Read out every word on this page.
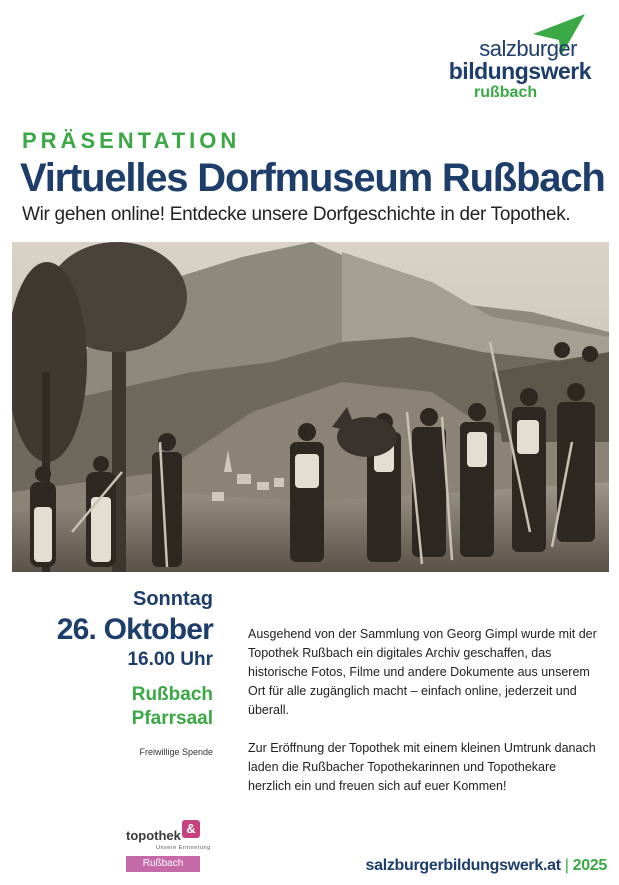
salzburger
bildungswerk
rußbach
PRÄSENTATION
Virtuelles Dorfmuseum Rußbach
Wir gehen online! Entdecke unsere Dorfgeschichte in der Topothek.
Sonntag
26. Oktober
16.00 Uhr
Rußbach
Pfarrsaal
Freiwillige Spende

Ausgehend von der Sammlung von Georg Gimpl wurde mit der Topothek Rußbach ein digitales Archiv geschaffen, das historische Fotos, Filme und andere Dokumente aus unserem Ort für alle zugänglich macht – einfach online, jederzeit und überall.

Zur Eröffnung der Topothek mit einem kleinen Umtrunk danach laden die Rußbacher Topothekarinnen und Topothekare herzlich ein und freuen sich auf euer Kommen!

topothek &
Unsere Erinnerung
Rußbach	salzburgerbildungswerk.at | 2025
